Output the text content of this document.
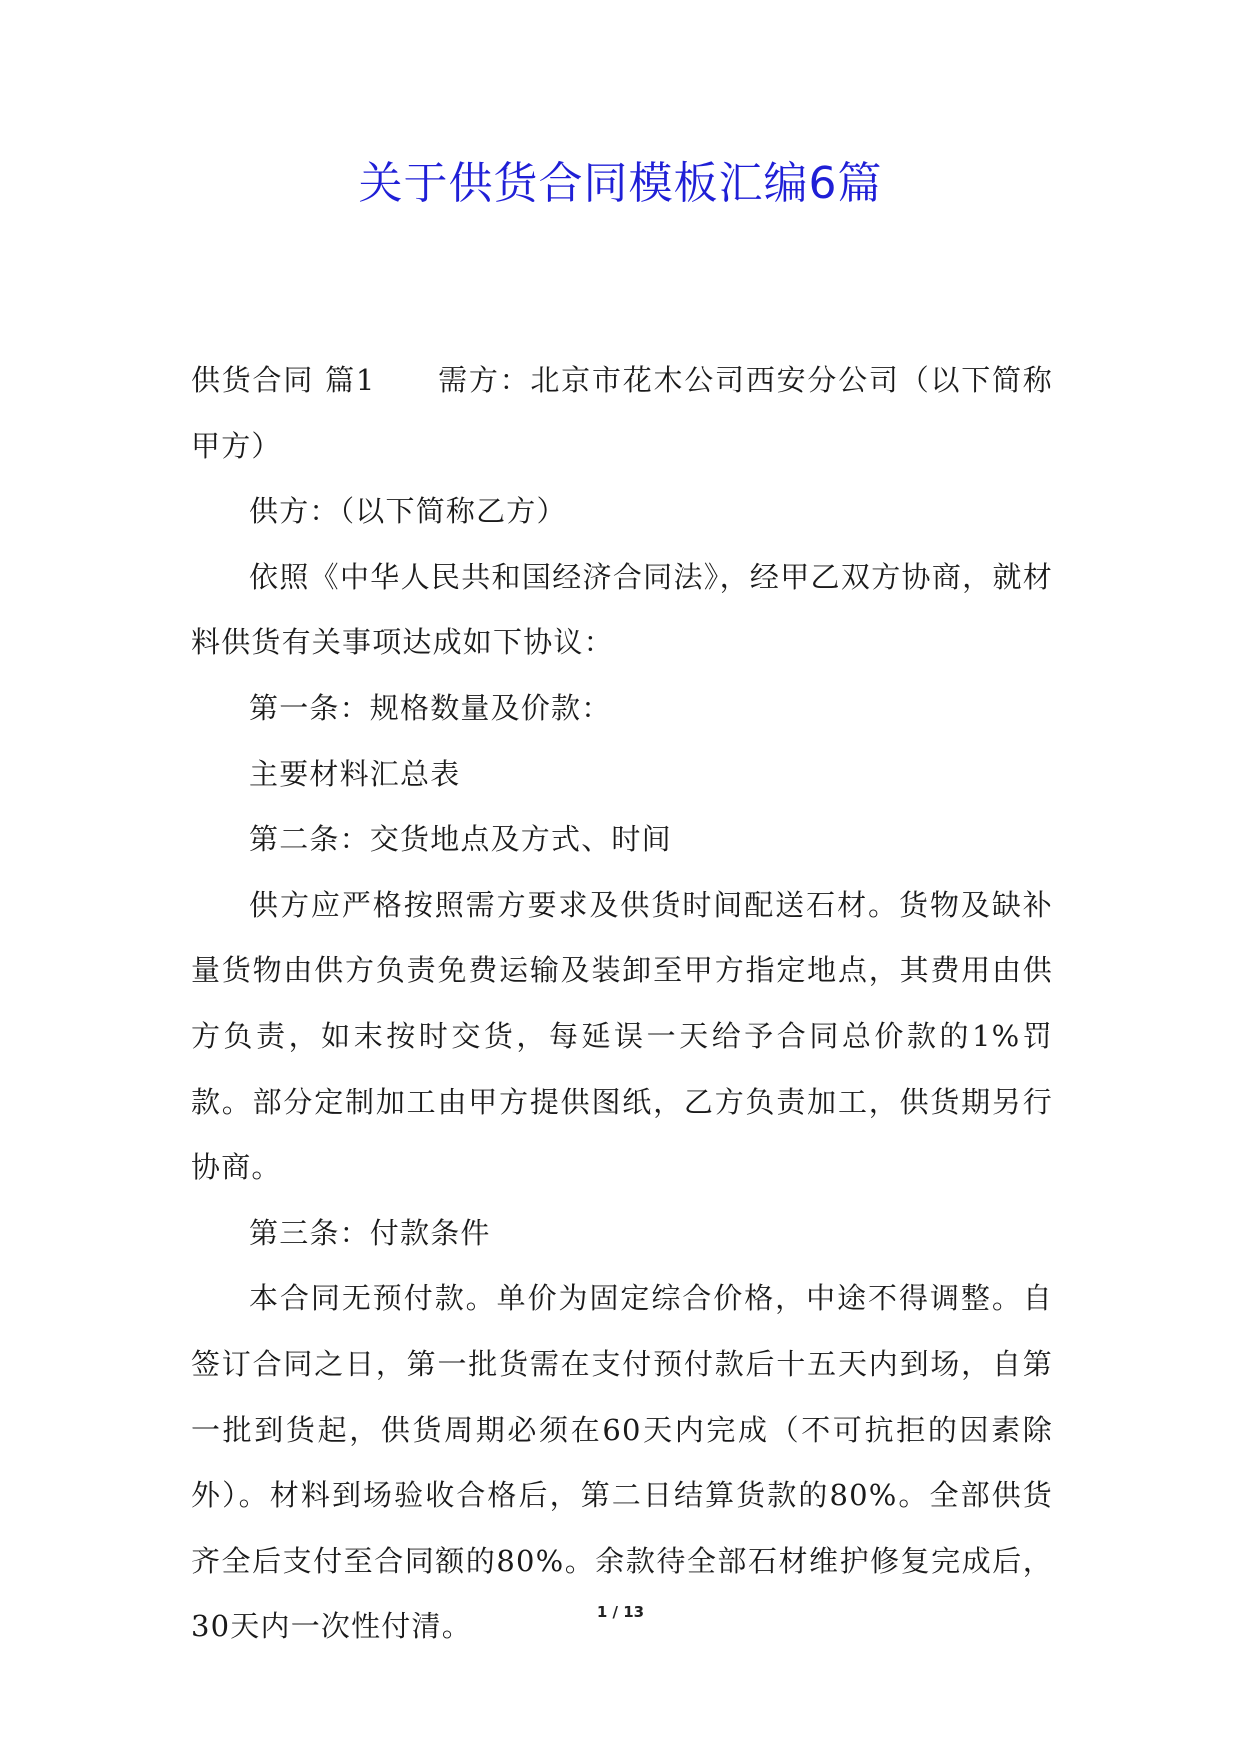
关于供货合同模板汇编6篇

供货合同 篇1 需方：北京市花木公司西安分公司（以下简称甲方）

供方：（以下简称乙方）

依照《中华人民共和国经济合同法》，经甲乙双方协商，就材料供货有关事项达成如下协议：

第一条：规格数量及价款：

主要材料汇总表

第二条：交货地点及方式、时间

供方应严格按照需方要求及供货时间配送石材。货物及缺补量货物由供方负责免费运输及装卸至甲方指定地点，其费用由供方负责，如末按时交货，每延误一天给予合同总价款的1%罚款。部分定制加工由甲方提供图纸，乙方负责加工，供货期另行协商。

第三条：付款条件

本合同无预付款。单价为固定综合价格，中途不得调整。自签订合同之日，第一批货需在支付预付款后十五天内到场，自第一批到货起，供货周期必须在60天内完成（不可抗拒的因素除外）。材料到场验收合格后，第二日结算货款的80%。全部供货齐全后支付至合同额的80%。余款待全部石材维护修复完成后，30天内一次性付清。	1 / 13
